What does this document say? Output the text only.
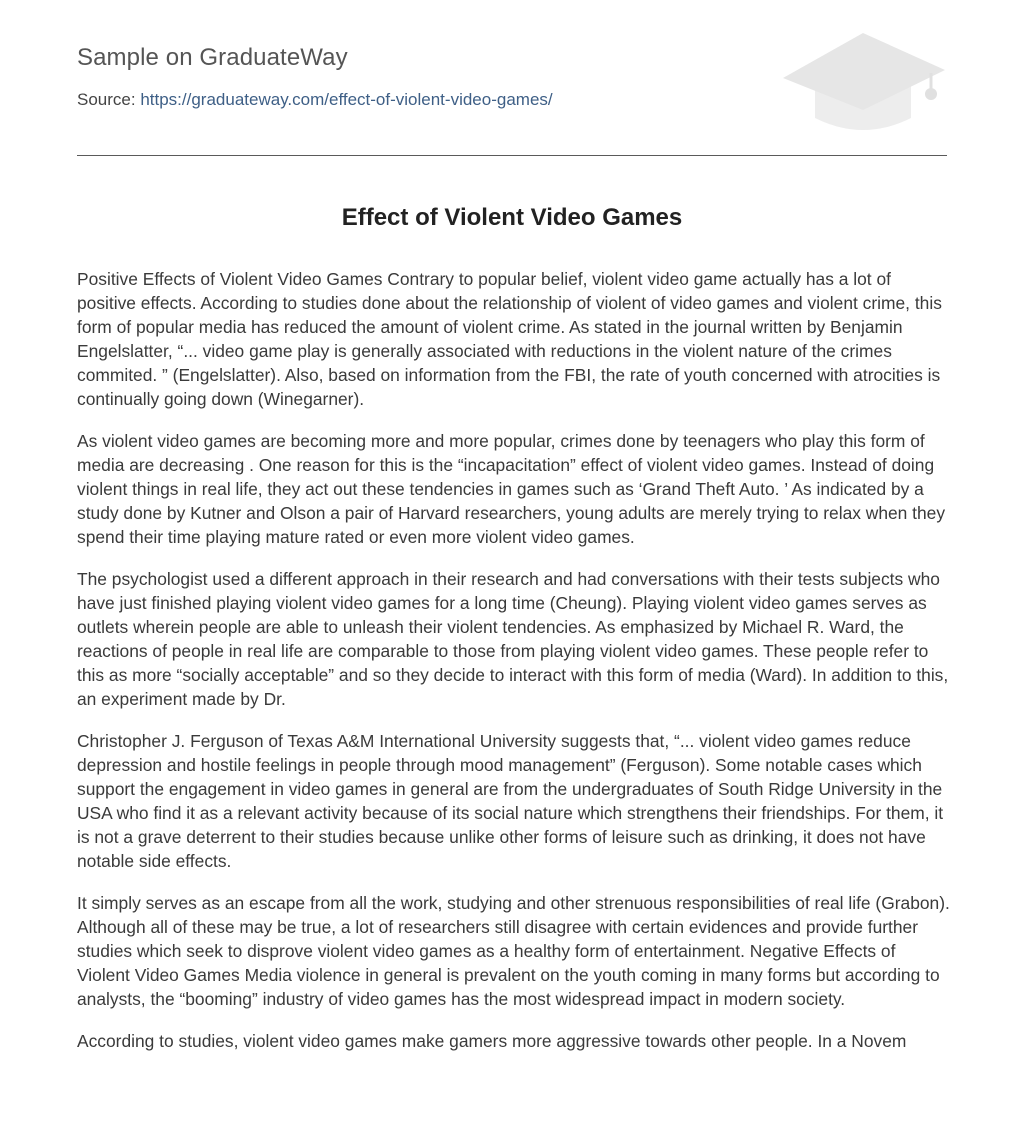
Sample on GraduateWay
Source: https://graduateway.com/effect-of-violent-video-games/
Effect of Violent Video Games

Positive Effects of Violent Video Games Contrary to popular belief, violent video game actually has a lot of positive effects. According to studies done about the relationship of violent of video games and violent crime, this form of popular media has reduced the amount of violent crime. As stated in the journal written by Benjamin Engelslatter, “... video game play is generally associated with reductions in the violent nature of the crimes commited. ” (Engelslatter). Also, based on information from the FBI, the rate of youth concerned with atrocities is continually going down (Winegarner).

As violent video games are becoming more and more popular, crimes done by teenagers who play this form of media are decreasing . One reason for this is the “incapacitation” effect of violent video games. Instead of doing violent things in real life, they act out these tendencies in games such as ‘Grand Theft Auto. ’ As indicated by a study done by Kutner and Olson a pair of Harvard researchers, young adults are merely trying to relax when they spend their time playing mature rated or even more violent video games.

The psychologist used a different approach in their research and had conversations with their tests subjects who have just finished playing violent video games for a long time (Cheung). Playing violent video games serves as outlets wherein people are able to unleash their violent tendencies. As emphasized by Michael R. Ward, the reactions of people in real life are comparable to those from playing violent video games. These people refer to this as more “socially acceptable” and so they decide to interact with this form of media (Ward). In addition to this, an experiment made by Dr.

Christopher J. Ferguson of Texas A&M International University suggests that, “... violent video games reduce depression and hostile feelings in people through mood management” (Ferguson). Some notable cases which support the engagement in video games in general are from the undergraduates of South Ridge University in the USA who find it as a relevant activity because of its social nature which strengthens their friendships. For them, it is not a grave deterrent to their studies because unlike other forms of leisure such as drinking, it does not have notable side effects.

It simply serves as an escape from all the work, studying and other strenuous responsibilities of real life (Grabon). Although all of these may be true, a lot of researchers still disagree with certain evidences and provide further studies which seek to disprove violent video games as a healthy form of entertainment. Negative Effects of Violent Video Games Media violence in general is prevalent on the youth coming in many forms but according to analysts, the “booming” industry of video games has the most widespread impact in modern society.

According to studies, violent video games make gamers more aggressive towards other people. In a Novem
